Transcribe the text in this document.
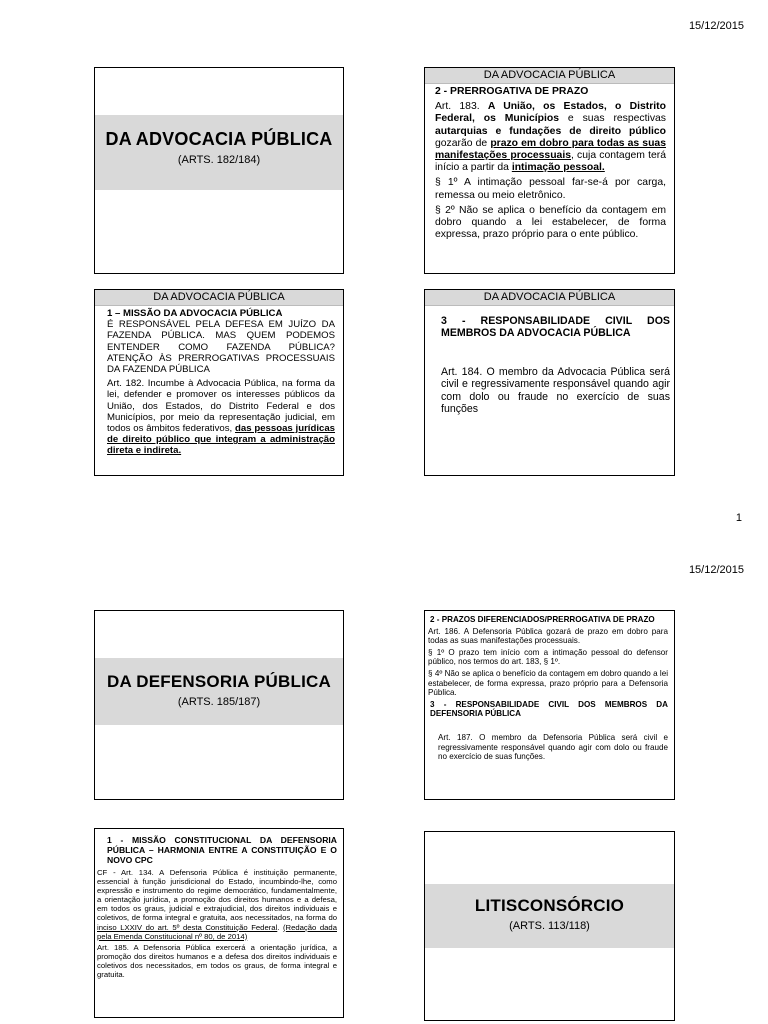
15/12/2015
DA ADVOCACIA PÚBLICA
(ARTS. 182/184)
DA ADVOCACIA PÚBLICA

2 - PRERROGATIVA DE PRAZO

Art. 183. A União, os Estados, o Distrito Federal, os Municípios e suas respectivas autarquias e fundações de direito público gozarão de prazo em dobro para todas as suas manifestações processuais, cuja contagem terá início a partir da intimação pessoal.

§ 1º A intimação pessoal far-se-á por carga, remessa ou meio eletrônico.

§ 2º Não se aplica o benefício da contagem em dobro quando a lei estabelecer, de forma expressa, prazo próprio para o ente público.

DA ADVOCACIA PÚBLICA

1 – MISSÃO DA ADVOCACIA PÚBLICA

É RESPONSÁVEL PELA DEFESA EM JUÍZO DA FAZENDA PÚBLICA. MAS QUEM PODEMOS ENTENDER COMO FAZENDA PÚBLICA? ATENÇÃO ÀS PRERROGATIVAS PROCESSUAIS DA FAZENDA PÚBLICA

Art. 182. Incumbe à Advocacia Pública, na forma da lei, defender e promover os interesses públicos da União, dos Estados, do Distrito Federal e dos Municípios, por meio da representação judicial, em todos os âmbitos federativos, das pessoas jurídicas de direito público que integram a administração direta e indireta.

DA ADVOCACIA PÚBLICA

3 - RESPONSABILIDADE CIVIL DOS MEMBROS DA ADVOCACIA PÚBLICA

Art. 184. O membro da Advocacia Pública será civil e regressivamente responsável quando agir com dolo ou fraude no exercício de suas funções

1
15/12/2015
DA DEFENSORIA PÚBLICA
(ARTS. 185/187)

2 - PRAZOS DIFERENCIADOS/PRERROGATIVA DE PRAZO

Art. 186. A Defensoria Pública gozará de prazo em dobro para todas as suas manifestações processuais.

§ 1º O prazo tem início com a intimação pessoal do defensor público, nos termos do art. 183, § 1º.

§ 4º Não se aplica o benefício da contagem em dobro quando a lei estabelecer, de forma expressa, prazo próprio para a Defensoria Pública.

3 - RESPONSABILIDADE CIVIL DOS MEMBROS DA DEFENSORIA PÚBLICA

Art. 187. O membro da Defensoria Pública será civil e regressivamente responsável quando agir com dolo ou fraude no exercício de suas funções.

1 - MISSÃO CONSTITUCIONAL DA DEFENSORIA PÚBLICA – HARMONIA ENTRE A CONSTITUIÇÃO E O NOVO CPC

CF - Art. 134. A Defensoria Pública é instituição permanente, essencial à função jurisdicional do Estado, incumbindo-lhe, como expressão e instrumento do regime democrático, fundamentalmente, a orientação jurídica, a promoção dos direitos humanos e a defesa, em todos os graus, judicial e extrajudicial, dos direitos individuais e coletivos, de forma integral e gratuita, aos necessitados, na forma do inciso LXXIV do art. 5º desta Constituição Federal. (Redação dada pela Emenda Constitucional nº 80, de 2014)

Art. 185. A Defensoria Pública exercerá a orientação jurídica, a promoção dos direitos humanos e a defesa dos direitos individuais e coletivos dos necessitados, em todos os graus, de forma integral e gratuita.

LITISCONSÓRCIO
(ARTS. 113/118)
